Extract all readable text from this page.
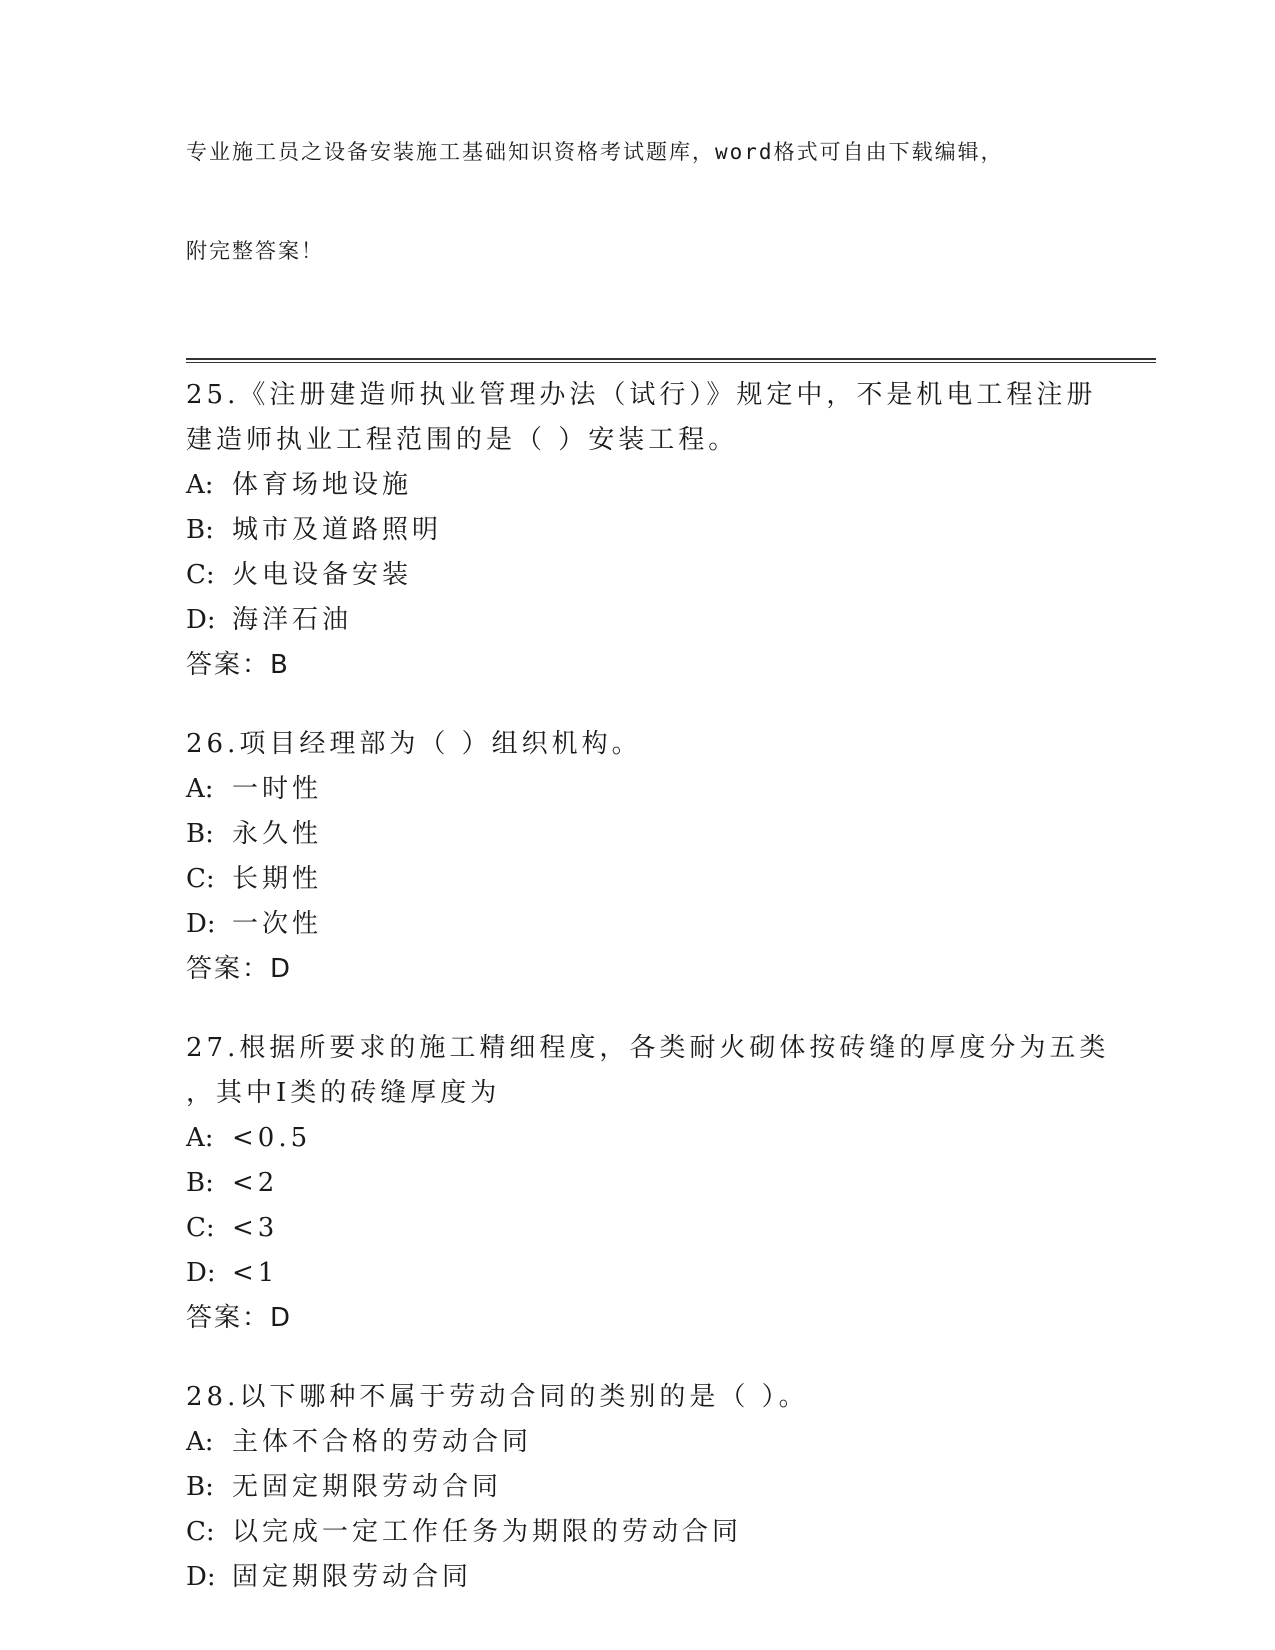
专业施工员之设备安装施工基础知识资格考试题库，word格式可自由下载编辑，

附完整答案！

25.《注册建造师执业管理办法（试行）》规定中，不是机电工程注册
建造师执业工程范围的是（ ）安装工程。
A: 体育场地设施
B: 城市及道路照明
C: 火电设备安装
D: 海洋石油
答案：B
26.项目经理部为（ ）组织机构。
A: 一时性
B: 永久性
C: 长期性
D: 一次性
答案：D
27.根据所要求的施工精细程度，各类耐火砌体按砖缝的厚度分为五类
，其中Ⅰ类的砖缝厚度为
A: <0.5
B: <2
C: <3
D: <1
答案：D
28.以下哪种不属于劳动合同的类别的是（ ）。
A: 主体不合格的劳动合同
B: 无固定期限劳动合同
C: 以完成一定工作任务为期限的劳动合同
D: 固定期限劳动合同
